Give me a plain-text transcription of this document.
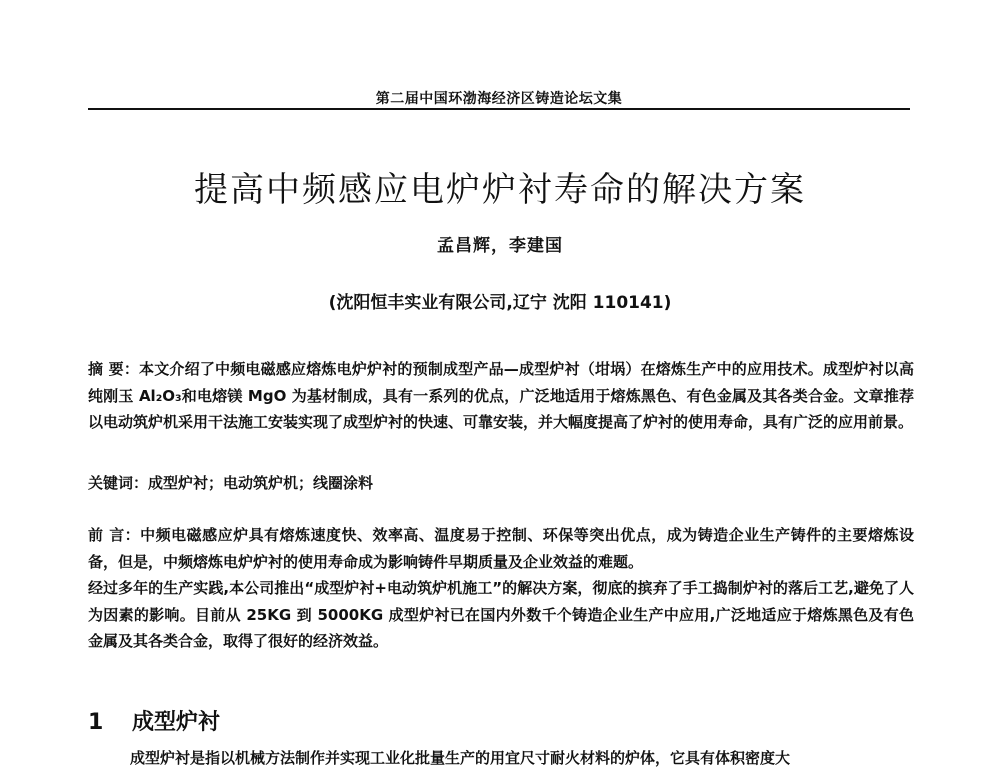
第二届中国环渤海经济区铸造论坛文集
提高中频感应电炉炉衬寿命的解决方案
孟昌辉，李建国
(沈阳恒丰实业有限公司,辽宁 沈阳 110141)
摘 要：本文介绍了中频电磁感应熔炼电炉炉衬的预制成型产品—成型炉衬（坩埚）在熔炼生产中的应用技术。成型炉衬以高纯刚玉 Al₂O₃和电熔镁 MgO 为基材制成，具有一系列的优点，广泛地适用于熔炼黑色、有色金属及其各类合金。文章推荐以电动筑炉机采用干法施工安装实现了成型炉衬的快速、可靠安装，并大幅度提高了炉衬的使用寿命，具有广泛的应用前景。
关键词：成型炉衬；电动筑炉机；线圈涂料
前 言：中频电磁感应炉具有熔炼速度快、效率高、温度易于控制、环保等突出优点，成为铸造企业生产铸件的主要熔炼设备，但是，中频熔炼电炉炉衬的使用寿命成为影响铸件早期质量及企业效益的难题。
经过多年的生产实践,本公司推出“成型炉衬+电动筑炉机施工”的解决方案，彻底的摈弃了手工捣制炉衬的落后工艺,避免了人为因素的影响。目前从 25KG 到 5000KG 成型炉衬已在国内外数千个铸造企业生产中应用,广泛地适应于熔炼黑色及有色金属及其各类合金，取得了很好的经济效益。
1 成型炉衬
成型炉衬是指以机械方法制作并实现工业化批量生产的用宜尺寸耐火材料的炉体，它具有体积密度大
